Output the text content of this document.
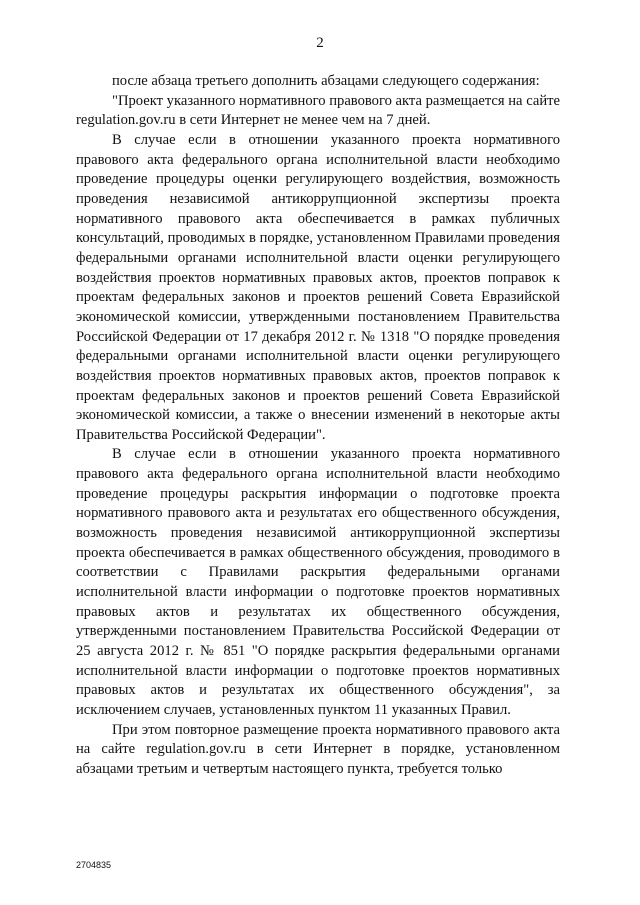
2

после абзаца третьего дополнить абзацами следующего содержания:

"Проект указанного нормативного правового акта размещается на сайте regulation.gov.ru в сети Интернет не менее чем на 7 дней.

В случае если в отношении указанного проекта нормативного правового акта федерального органа исполнительной власти необходимо проведение процедуры оценки регулирующего воздействия, возможность проведения независимой антикоррупционной экспертизы проекта нормативного правового акта обеспечивается в рамках публичных консультаций, проводимых в порядке, установленном Правилами проведения федеральными органами исполнительной власти оценки регулирующего воздействия проектов нормативных правовых актов, проектов поправок к проектам федеральных законов и проектов решений Совета Евразийской экономической комиссии, утвержденными постановлением Правительства Российской Федерации от 17 декабря 2012 г. № 1318 "О порядке проведения федеральными органами исполнительной власти оценки регулирующего воздействия проектов нормативных правовых актов, проектов поправок к проектам федеральных законов и проектов решений Совета Евразийской экономической комиссии, а также о внесении изменений в некоторые акты Правительства Российской Федерации".

В случае если в отношении указанного проекта нормативного правового акта федерального органа исполнительной власти необходимо проведение процедуры раскрытия информации о подготовке проекта нормативного правового акта и результатах его общественного обсуждения, возможность проведения независимой антикоррупционной экспертизы проекта обеспечивается в рамках общественного обсуждения, проводимого в соответствии с Правилами раскрытия федеральными органами исполнительной власти информации о подготовке проектов нормативных правовых актов и результатах их общественного обсуждения, утвержденными постановлением Правительства Российской Федерации от 25 августа 2012 г. № 851 "О порядке раскрытия федеральными органами исполнительной власти информации о подготовке проектов нормативных правовых актов и результатах их общественного обсуждения", за исключением случаев, установленных пунктом 11 указанных Правил.

При этом повторное размещение проекта нормативного правового акта на сайте regulation.gov.ru в сети Интернет в порядке, установленном абзацами третьим и четвертым настоящего пункта, требуется только

2704835
